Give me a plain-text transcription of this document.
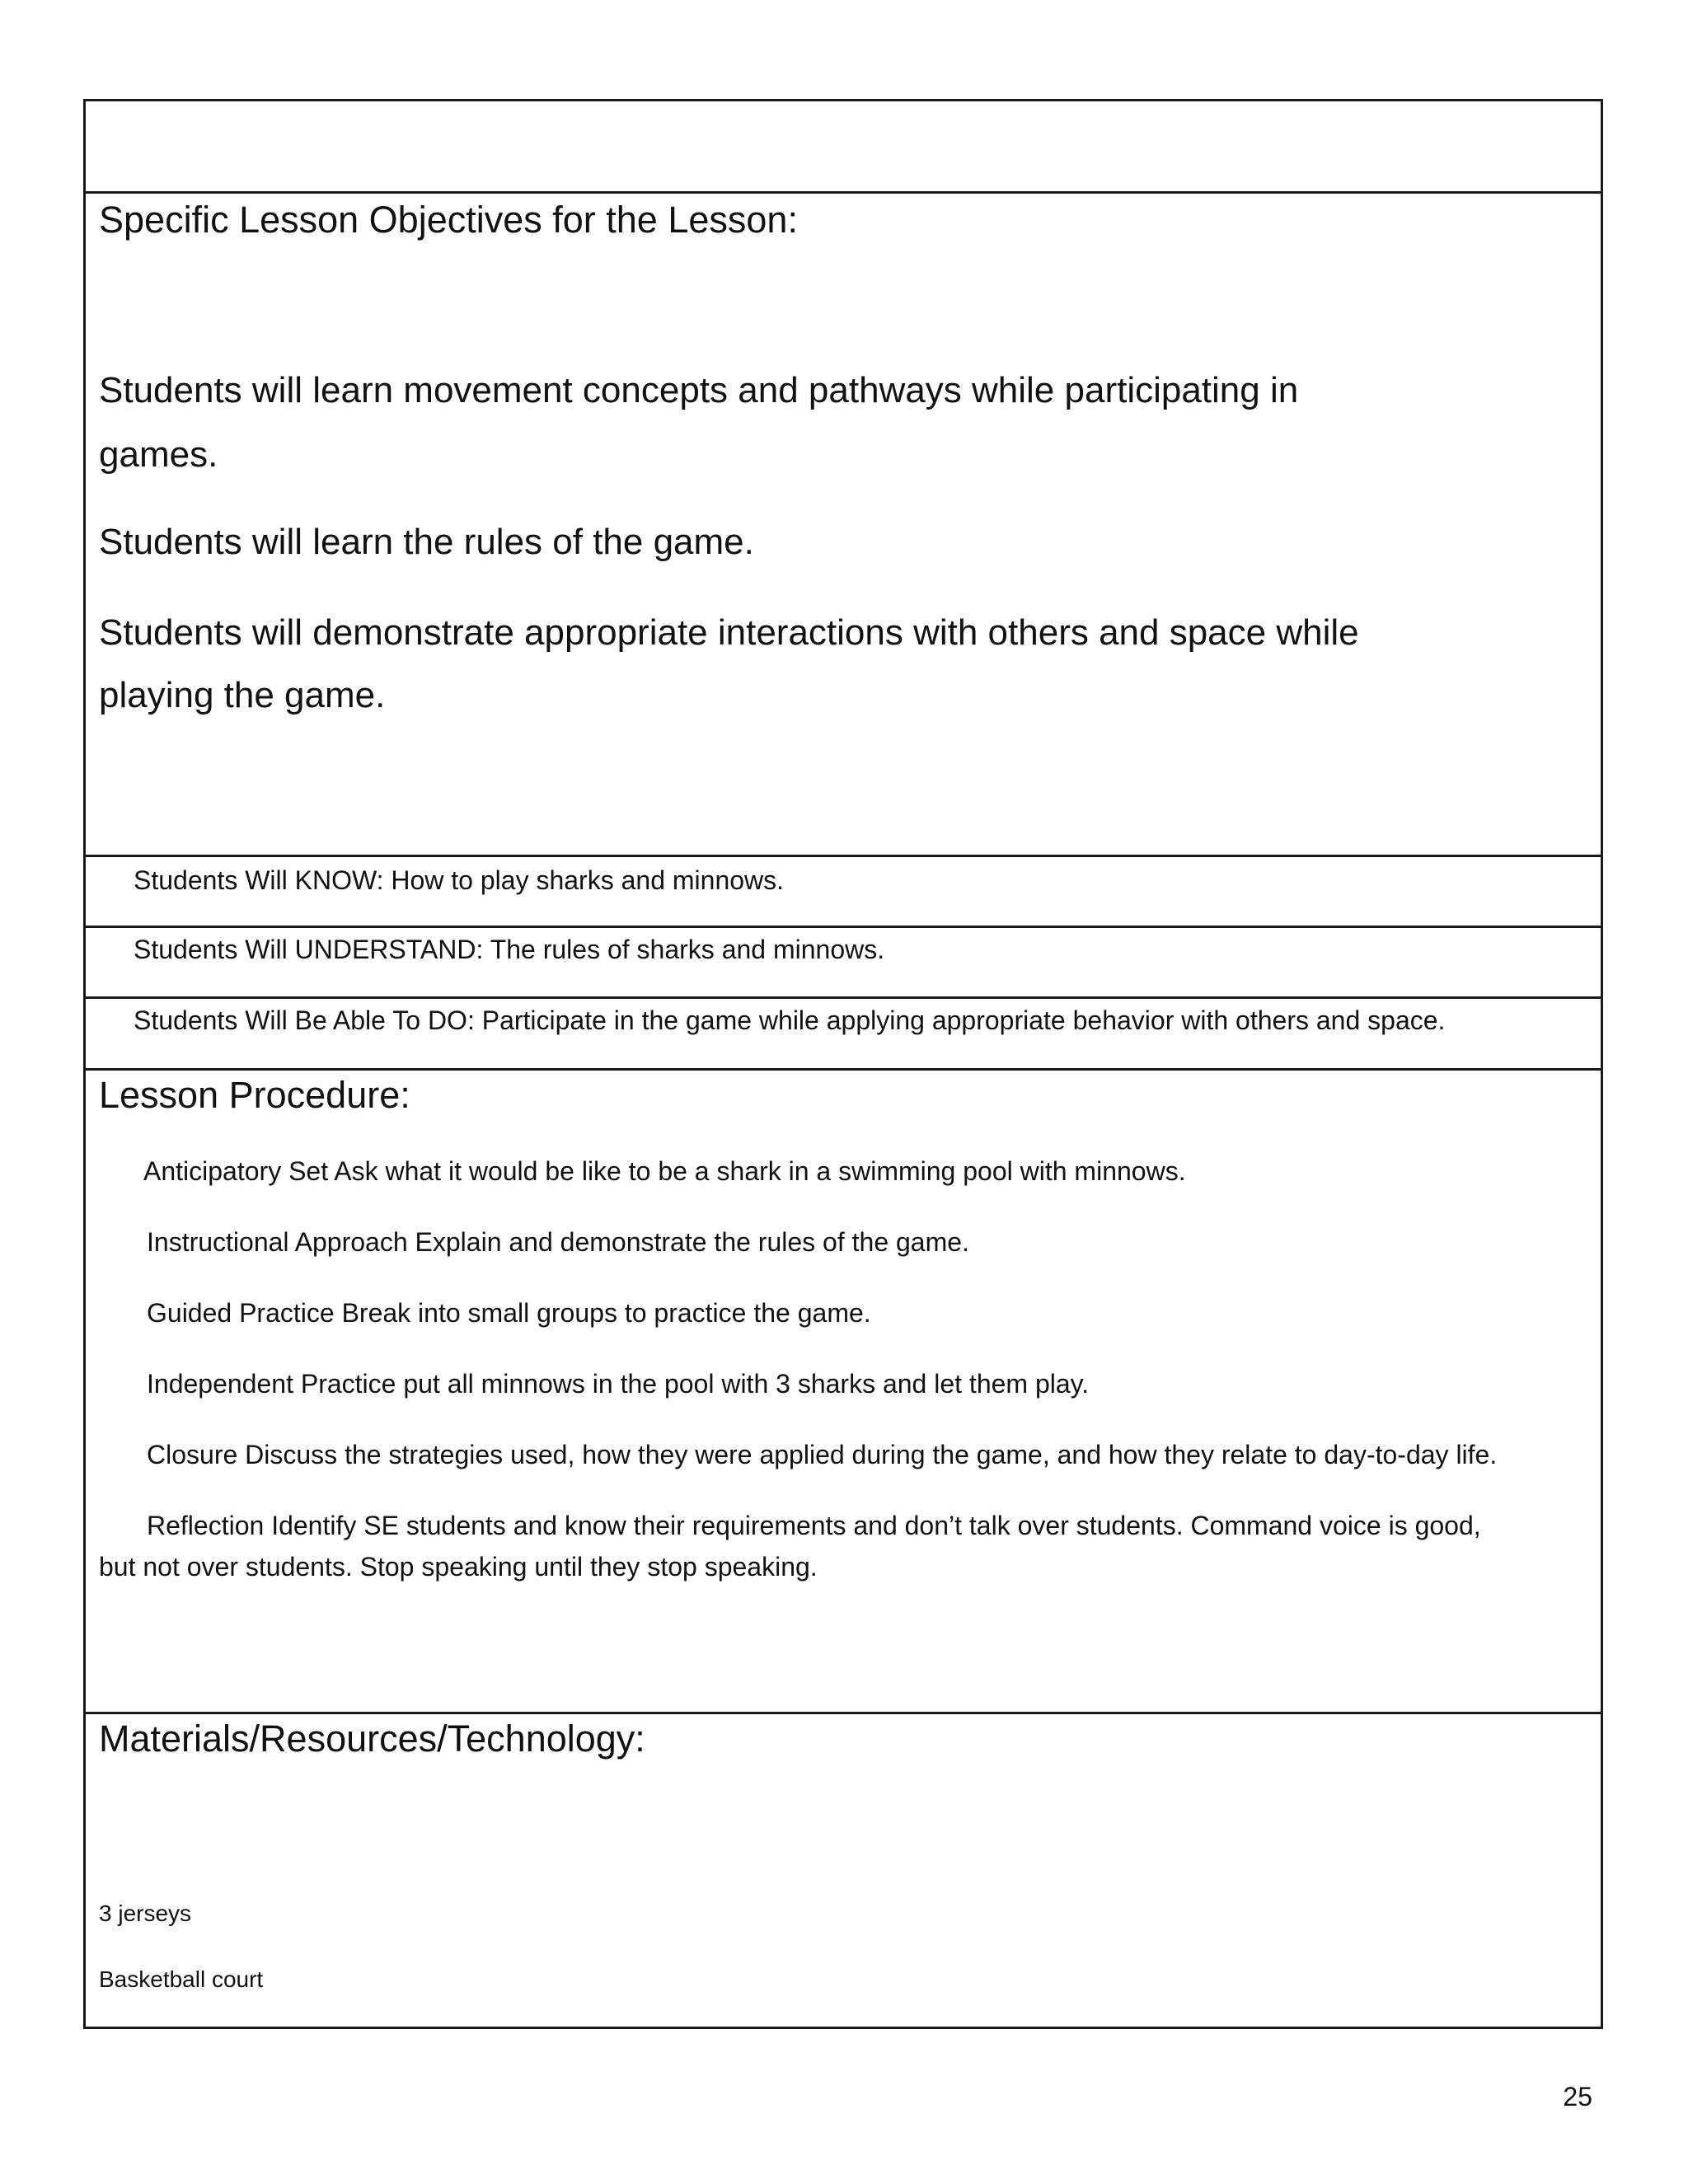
Specific Lesson Objectives for the Lesson:

Students will learn movement concepts and pathways while participating in

games.

Students will learn the rules of the game.

Students will demonstrate appropriate interactions with others and space while

playing the game.

Students Will KNOW: How to play sharks and minnows.

Students Will UNDERSTAND: The rules of sharks and minnows.

Students Will Be Able To DO: Participate in the game while applying appropriate behavior with others and space.

Lesson Procedure:

Anticipatory Set Ask what it would be like to be a shark in a swimming pool with minnows.

Instructional Approach Explain and demonstrate the rules of the game.

Guided Practice Break into small groups to practice the game.

Independent Practice put all minnows in the pool with 3 sharks and let them play.

Closure Discuss the strategies used, how they were applied during the game, and how they relate to day-to-day life.

Reflection Identify SE students and know their requirements and don’t talk over students. Command voice is good,

but not over students. Stop speaking until they stop speaking.

Materials/Resources/Technology:

3 jerseys

Basketball court

25
